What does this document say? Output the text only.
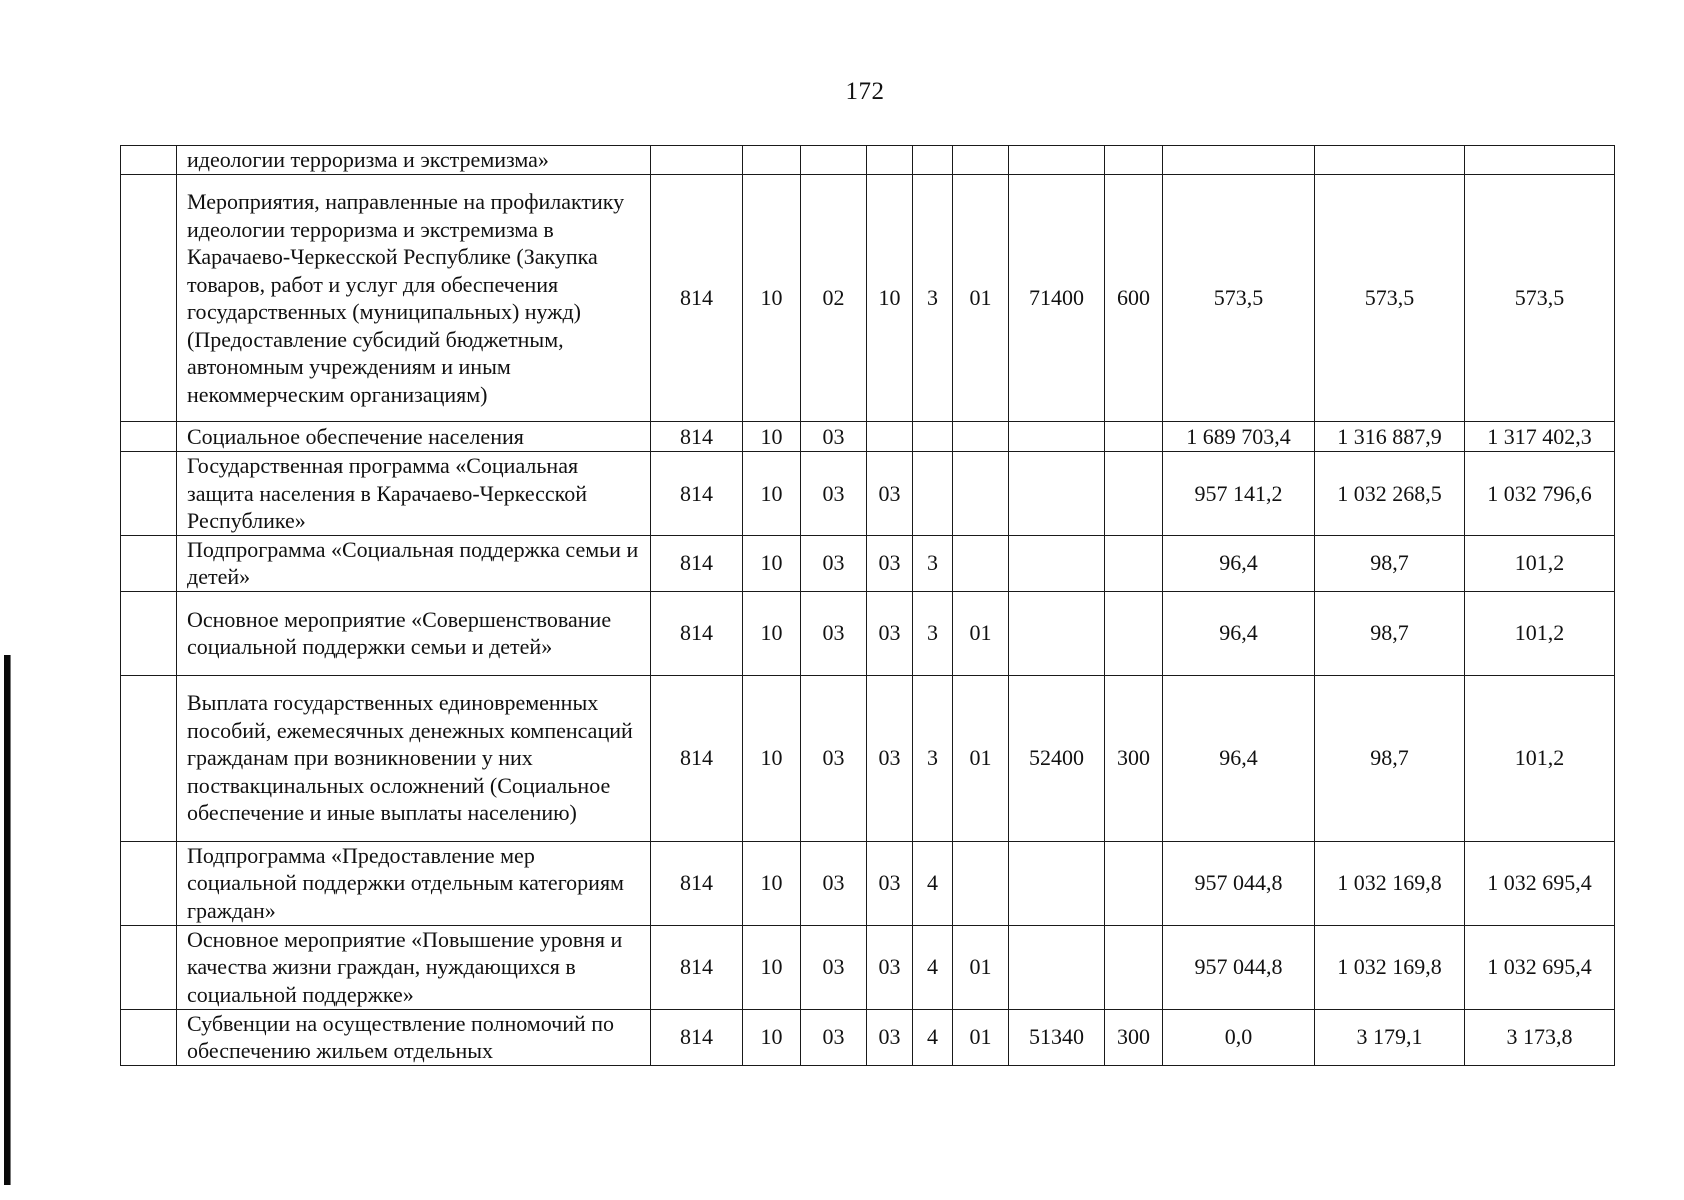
172
	идеологии терроризма и экстремизма»											
	Мероприятия, направленные на профилактику идеологии терроризма и экстремизма в Карачаево-Черкесской Республике (Закупка товаров, работ и услуг для обеспечения государственных (муниципальных) нужд) (Предоставление субсидий бюджетным, автономным учреждениям и иным некоммерческим организациям)	814	10	02	10	3	01	71400	600	573,5	573,5	573,5
	Социальное обеспечение населения	814	10	03						1 689 703,4	1 316 887,9	1 317 402,3
	Государственная программа «Социальная защита населения в Карачаево-Черкесской Республике»	814	10	03	03					957 141,2	1 032 268,5	1 032 796,6
	Подпрограмма «Социальная поддержка семьи и детей»	814	10	03	03	3				96,4	98,7	101,2
	Основное мероприятие «Совершенствование социальной поддержки семьи и детей»	814	10	03	03	3	01			96,4	98,7	101,2
	Выплата государственных единовременных пособий, ежемесячных денежных компенсаций гражданам при возникновении у них поствакцинальных осложнений (Социальное обеспечение и иные выплаты населению)	814	10	03	03	3	01	52400	300	96,4	98,7	101,2
	Подпрограмма «Предоставление мер социальной поддержки отдельным категориям граждан»	814	10	03	03	4				957 044,8	1 032 169,8	1 032 695,4
	Основное мероприятие «Повышение уровня и качества жизни граждан, нуждающихся в социальной поддержке»	814	10	03	03	4	01			957 044,8	1 032 169,8	1 032 695,4
	Субвенции на осуществление полномочий по обеспечению жильем отдельных	814	10	03	03	4	01	51340	300	0,0	3 179,1	3 173,8
